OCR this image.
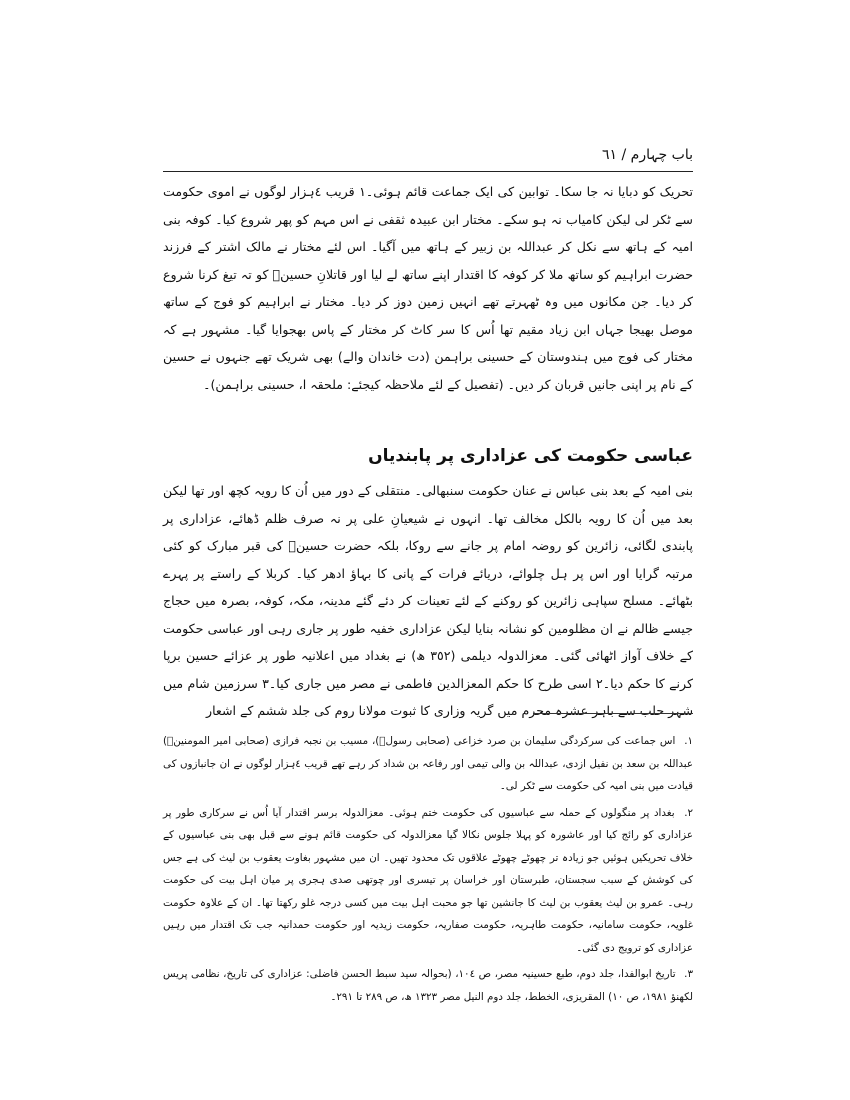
باب چہارم / ٦١

تحریک کو دبایا نہ جا سکا۔ توابین کی ایک جماعت قائم ہوئی۔١ قریب ٤ہزار لوگوں نے اموی حکومت سے ٹکر لی لیکن کامیاب نہ ہو سکے۔ مختار ابن عبیدہ ثقفی نے اس مہم کو پھر شروع کیا۔ کوفہ بنی امیہ کے ہاتھ سے نکل کر عبداللہ بن زبیر کے ہاتھ میں آگیا۔ اس لئے مختار نے مالک اشتر کے فرزند حضرت ابراہیم کو ساتھ ملا کر کوفہ کا اقتدار اپنے ساتھ لے لیا اور قاتلانِ حسینؑ کو تہ تیغ کرنا شروع کر دیا۔ جن مکانوں میں وہ ٹھہرتے تھے انہیں زمین دوز کر دیا۔ مختار نے ابراہیم کو فوج کے ساتھ موصل بھیجا جہاں ابن زیاد مقیم تھا اُس کا سر کاٹ کر مختار کے پاس بھجوایا گیا۔ مشہور ہے کہ مختار کی فوج میں ہندوستان کے حسینی براہمن (دت خاندان والے) بھی شریک تھے جنہوں نے حسین کے نام پر اپنی جانیں قربان کر دیں۔ (تفصیل کے لئے ملاحظہ کیجئے: ملحقہ ا، حسینی براہمن)۔

عباسی حکومت کی عزاداری پر پابندیاں

بنی امیہ کے بعد بنی عباس نے عنان حکومت سنبھالی۔ منتقلی کے دور میں اُن کا رویہ کچھ اور تھا لیکن بعد میں اُن کا رویہ بالکل مخالف تھا۔ انہوں نے شیعیانِ علی پر نہ صرف ظلم ڈھائے، عزاداری پر پابندی لگائی، زائرین کو روضہ امام پر جانے سے روکا، بلکہ حضرت حسینؑ کی قبر مبارک کو کئی مرتبہ گرایا اور اس پر ہل چلوائے، دریائے فرات کے پانی کا بہاؤ ادھر کیا۔ کربلا کے راستے پر پہرے بٹھائے۔ مسلح سپاہی زائرین کو روکنے کے لئے تعینات کر دئے گئے مدینہ، مکہ، کوفہ، بصرہ میں حجاج جیسے ظالم نے ان مظلومین کو نشانہ بنایا لیکن عزاداری خفیہ طور پر جاری رہی اور عباسی حکومت کے خلاف آواز اٹھائی گئی۔ معزالدولہ دیلمی (٣٥٢ ھ) نے بغداد میں اعلانیہ طور پر عزائے حسین برپا کرنے کا حکم دیا۔٢ اسی طرح کا حکم المعزالدین فاطمی نے مصر میں جاری کیا۔٣ سرزمین شام میں شہر حلب سے باہر عشرہ محرم میں گریہ وزاری کا ثبوت مولانا روم کی جلد ششم کے اشعار

١. اس جماعت کی سرکردگی سلیمان بن صرد خزاعی (صحابی رسولؐ)، مسیب بن نجبہ فرازی (صحابی امیر المومنینؑ) عبداللہ بن سعد بن نفیل ازدی، عبداللہ بن والی تیمی اور رفاعہ بن شداد کر رہے تھے قریب ٤ہزار لوگوں نے ان جانبازوں کی قیادت میں بنی امیہ کی حکومت سے ٹکر لی۔
٢. بغداد پر منگولوں کے حملہ سے عباسیوں کی حکومت ختم ہوئی۔ معزالدولہ برسر اقتدار آیا اُس نے سرکاری طور پر عزاداری کو رائج کیا اور عاشورہ کو پہلا جلوس نکالا گیا معزالدولہ کی حکومت قائم ہونے سے قبل بھی بنی عباسیوں کے خلاف تحریکیں ہوئیں جو زیادہ تر چھوٹے چھوٹے علاقوں تک محدود تھیں۔ ان میں مشہور بغاوت یعقوب بن لیث کی ہے جس کی کوشش کے سبب سجستان، طبرستان اور خراسان پر تیسری اور چوتھی صدی ہجری پر میان اہل بیت کی حکومت رہی۔ عمرو بن لیث یعقوب بن لیث کا جانشین تھا جو محبت اہل بیت میں کسی درجہ غلو رکھتا تھا۔ ان کے علاوہ حکومت غلویہ، حکومت سامانیہ، حکومت طاہریہ، حکومت صفاریہ، حکومت زیدیہ اور حکومت حمدانیہ جب تک اقتدار میں رہیں عزاداری کو ترویج دی گئی۔
٣. تاریخ ابوالفدا، جلد دوم، طبع حسینیہ مصر، ص ١٠٤، (بحوالہ سید سبط الحسن فاضلی: عزاداری کی تاریخ، نظامی پریس لکھنؤ ١٩٨١، ص ١٠) المقریزی، الخطط، جلد دوم النیل مصر ١٣٢٣ ھ، ص ٢٨٩ تا ٢٩١۔
